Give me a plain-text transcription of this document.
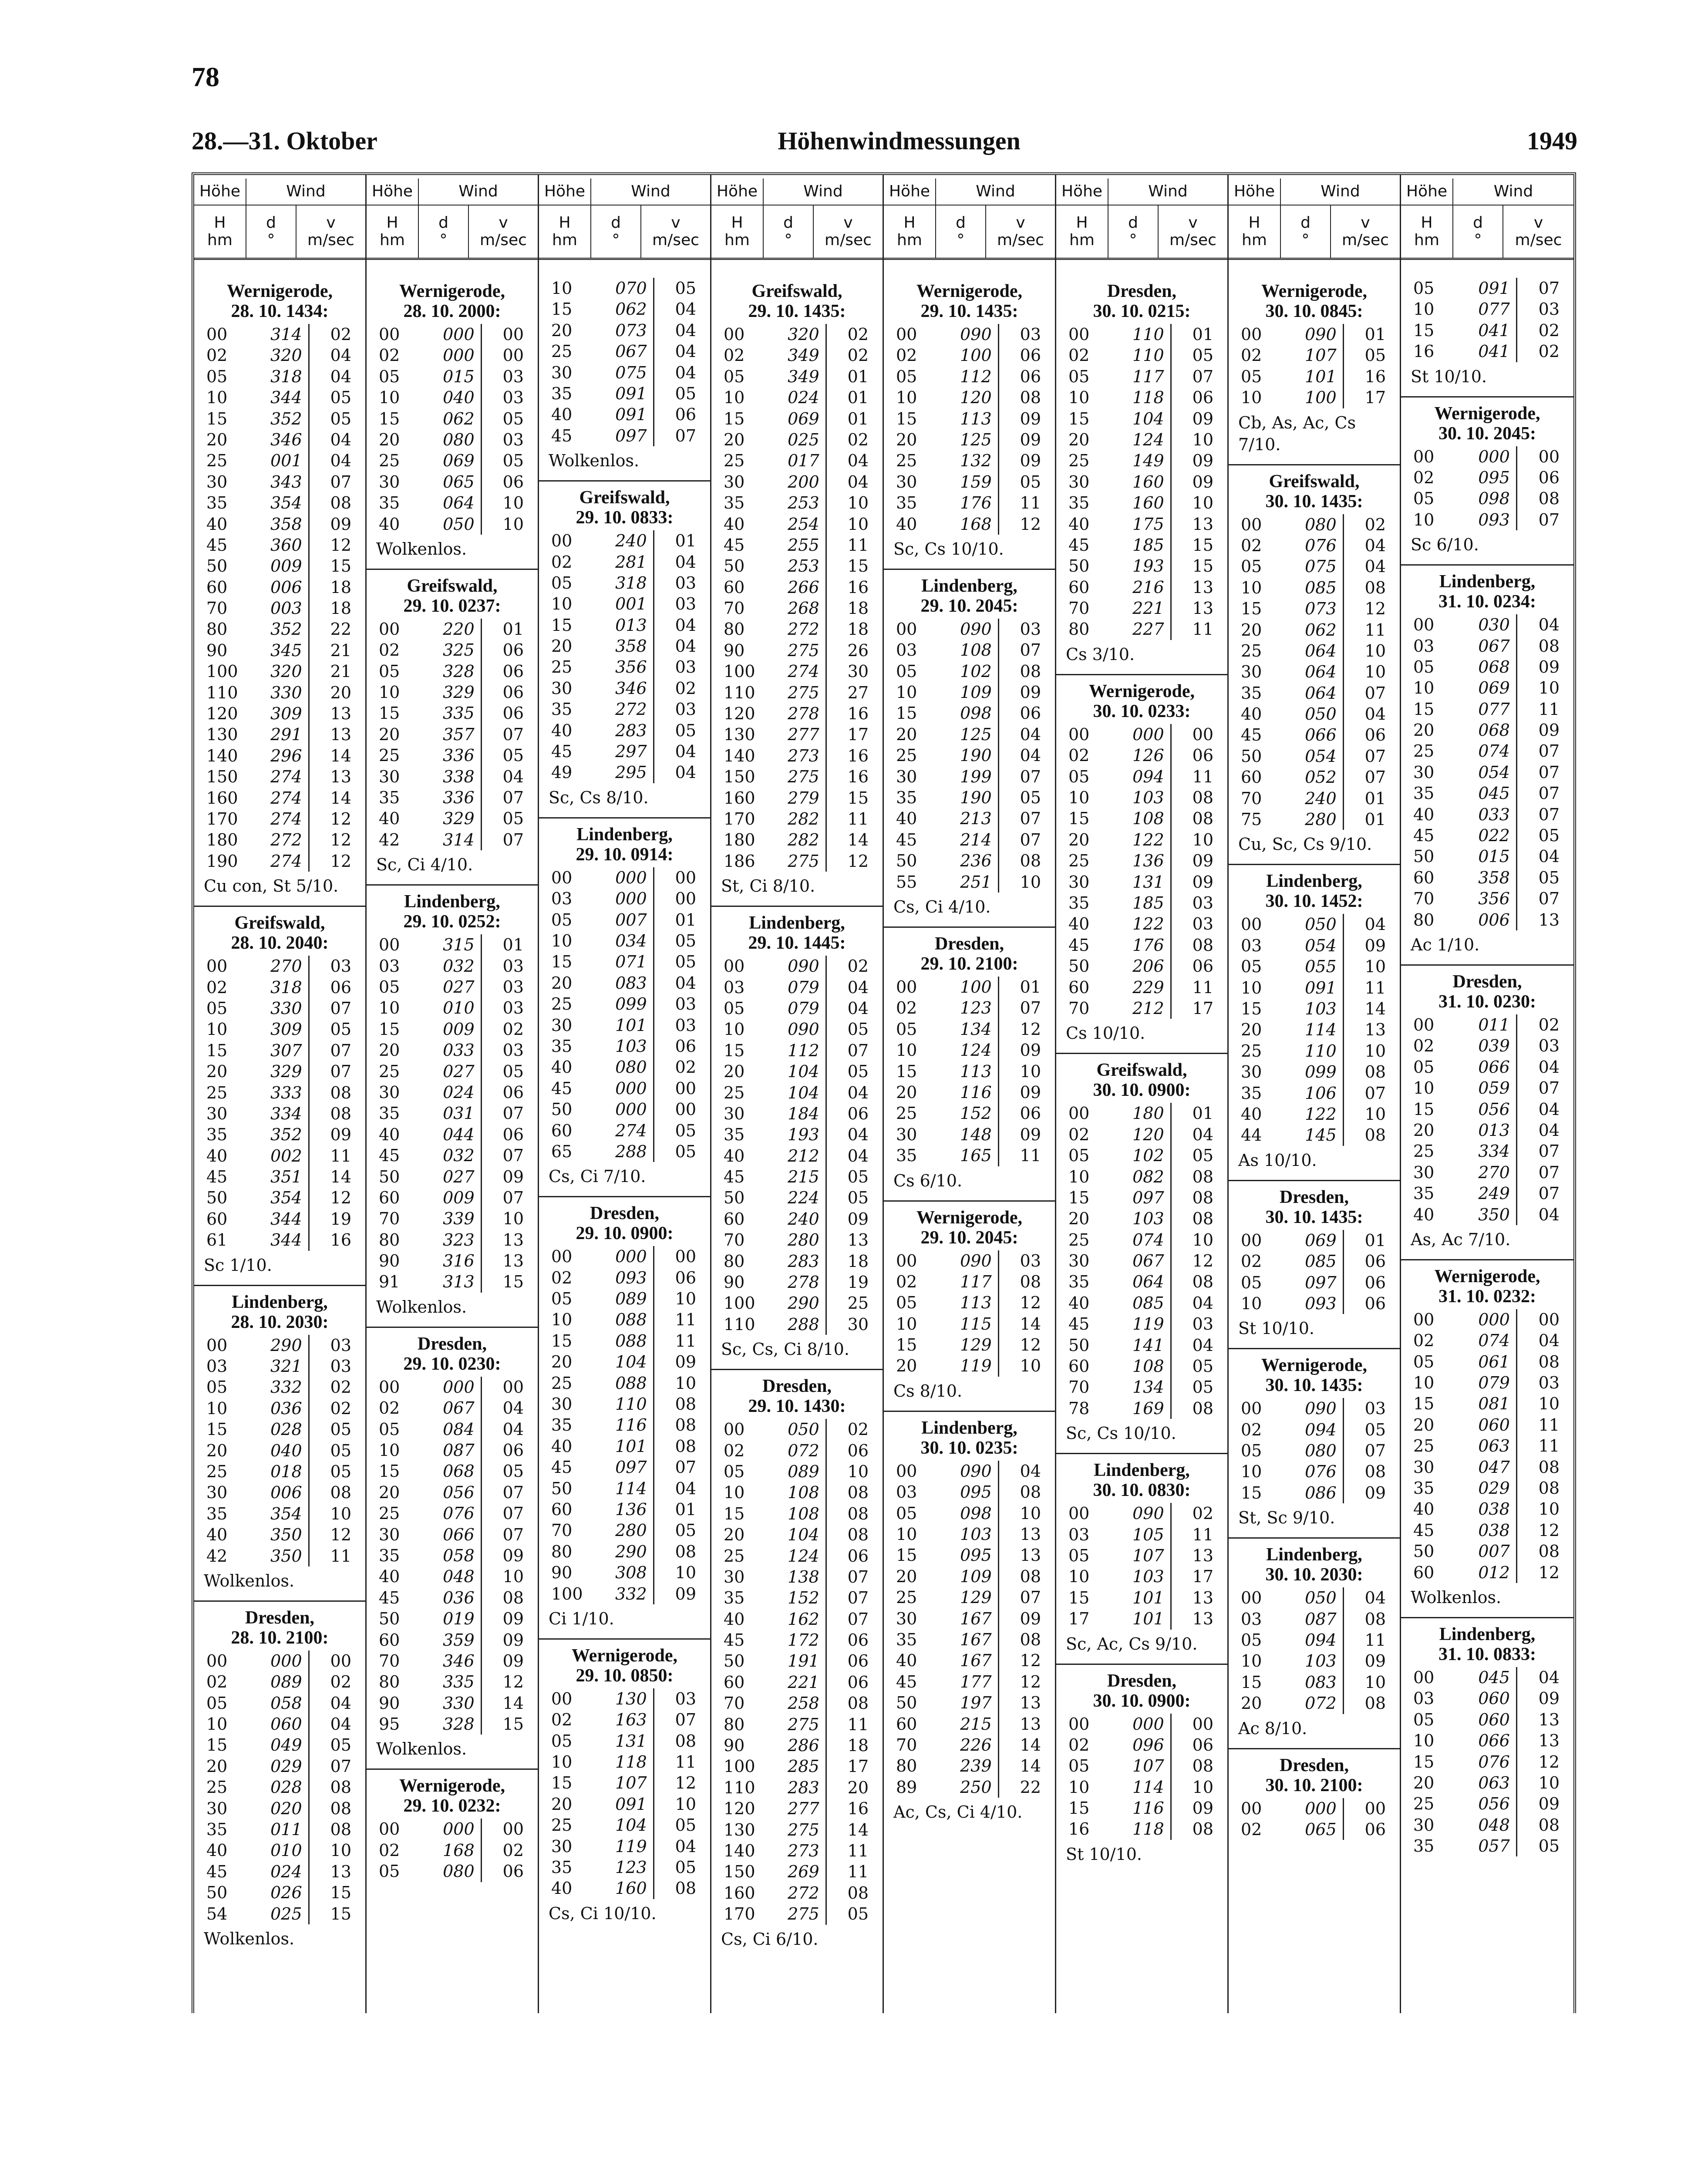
78
28.—31. Oktober	Höhenwindmessungen	1949
Höhe	Wind
H
hm
d
°
v
m/sec
Wernigerode,
28. 10. 1434:
00	314	02
02	320	04
05	318	04
10	344	05
15	352	05
20	346	04
25	001	04
30	343	07
35	354	08
40	358	09
45	360	12
50	009	15
60	006	18
70	003	18
80	352	22
90	345	21
100	320	21
110	330	20
120	309	13
130	291	13
140	296	14
150	274	13
160	274	14
170	274	12
180	272	12
190	274	12
Cu con, St 5/10.
Greifswald,
28. 10. 2040:
00	270	03
02	318	06
05	330	07
10	309	05
15	307	07
20	329	07
25	333	08
30	334	08
35	352	09
40	002	11
45	351	14
50	354	12
60	344	19
61	344	16
Sc 1/10.
Lindenberg,
28. 10. 2030:
00	290	03
03	321	03
05	332	02
10	036	02
15	028	05
20	040	05
25	018	05
30	006	08
35	354	10
40	350	12
42	350	11
Wolkenlos.
Dresden,
28. 10. 2100:
00	000	00
02	089	02
05	058	04
10	060	04
15	049	05
20	029	07
25	028	08
30	020	08
35	011	08
40	010	10
45	024	13
50	026	15
54	025	15
Wolkenlos.
Höhe	Wind
H
hm
d
°
v
m/sec
Wernigerode,
28. 10. 2000:
00	000	00
02	000	00
05	015	03
10	040	03
15	062	05
20	080	03
25	069	05
30	065	06
35	064	10
40	050	10
Wolkenlos.
Greifswald,
29. 10. 0237:
00	220	01
02	325	06
05	328	06
10	329	06
15	335	06
20	357	07
25	336	05
30	338	04
35	336	07
40	329	05
42	314	07
Sc, Ci 4/10.
Lindenberg,
29. 10. 0252:
00	315	01
03	032	03
05	027	03
10	010	03
15	009	02
20	033	03
25	027	05
30	024	06
35	031	07
40	044	06
45	032	07
50	027	09
60	009	07
70	339	10
80	323	13
90	316	13
91	313	15
Wolkenlos.
Dresden,
29. 10. 0230:
00	000	00
02	067	04
05	084	04
10	087	06
15	068	05
20	056	07
25	076	07
30	066	07
35	058	09
40	048	10
45	036	08
50	019	09
60	359	09
70	346	09
80	335	12
90	330	14
95	328	15
Wolkenlos.
Wernigerode,
29. 10. 0232:
00	000	00
02	168	02
05	080	06
Höhe	Wind
H
hm
d
°
v
m/sec
10	070	05
15	062	04
20	073	04
25	067	04
30	075	04
35	091	05
40	091	06
45	097	07
Wolkenlos.
Greifswald,
29. 10. 0833:
00	240	01
02	281	04
05	318	03
10	001	03
15	013	04
20	358	04
25	356	03
30	346	02
35	272	03
40	283	05
45	297	04
49	295	04
Sc, Cs 8/10.
Lindenberg,
29. 10. 0914:
00	000	00
03	000	00
05	007	01
10	034	05
15	071	05
20	083	04
25	099	03
30	101	03
35	103	06
40	080	02
45	000	00
50	000	00
60	274	05
65	288	05
Cs, Ci 7/10.
Dresden,
29. 10. 0900:
00	000	00
02	093	06
05	089	10
10	088	11
15	088	11
20	104	09
25	088	10
30	110	08
35	116	08
40	101	08
45	097	07
50	114	04
60	136	01
70	280	05
80	290	08
90	308	10
100	332	09
Ci 1/10.
Wernigerode,
29. 10. 0850:
00	130	03
02	163	07
05	131	08
10	118	11
15	107	12
20	091	10
25	104	05
30	119	04
35	123	05
40	160	08
Cs, Ci 10/10.
Höhe	Wind
H
hm
d
°
v
m/sec
Greifswald,
29. 10. 1435:
00	320	02
02	349	02
05	349	01
10	024	01
15	069	01
20	025	02
25	017	04
30	200	04
35	253	10
40	254	10
45	255	11
50	253	15
60	266	16
70	268	18
80	272	18
90	275	26
100	274	30
110	275	27
120	278	16
130	277	17
140	273	16
150	275	16
160	279	15
170	282	11
180	282	14
186	275	12
St, Ci 8/10.
Lindenberg,
29. 10. 1445:
00	090	02
03	079	04
05	079	04
10	090	05
15	112	07
20	104	05
25	104	04
30	184	06
35	193	04
40	212	04
45	215	05
50	224	05
60	240	09
70	280	13
80	283	18
90	278	19
100	290	25
110	288	30
Sc, Cs, Ci 8/10.
Dresden,
29. 10. 1430:
00	050	02
02	072	06
05	089	10
10	108	08
15	108	08
20	104	08
25	124	06
30	138	07
35	152	07
40	162	07
45	172	06
50	191	06
60	221	06
70	258	08
80	275	11
90	286	18
100	285	17
110	283	20
120	277	16
130	275	14
140	273	11
150	269	11
160	272	08
170	275	05
Cs, Ci 6/10.
Höhe	Wind
H
hm
d
°
v
m/sec
Wernigerode,
29. 10. 1435:
00	090	03
02	100	06
05	112	06
10	120	08
15	113	09
20	125	09
25	132	09
30	159	05
35	176	11
40	168	12
Sc, Cs 10/10.
Lindenberg,
29. 10. 2045:
00	090	03
03	108	07
05	102	08
10	109	09
15	098	06
20	125	04
25	190	04
30	199	07
35	190	05
40	213	07
45	214	07
50	236	08
55	251	10
Cs, Ci 4/10.
Dresden,
29. 10. 2100:
00	100	01
02	123	07
05	134	12
10	124	09
15	113	10
20	116	09
25	152	06
30	148	09
35	165	11
Cs 6/10.
Wernigerode,
29. 10. 2045:
00	090	03
02	117	08
05	113	12
10	115	14
15	129	12
20	119	10
Cs 8/10.
Lindenberg,
30. 10. 0235:
00	090	04
03	095	08
05	098	10
10	103	13
15	095	13
20	109	08
25	129	07
30	167	09
35	167	08
40	167	12
45	177	12
50	197	13
60	215	13
70	226	14
80	239	14
89	250	22
Ac, Cs, Ci 4/10.
Höhe	Wind
H
hm
d
°
v
m/sec
Dresden,
30. 10. 0215:
00	110	01
02	110	05
05	117	07
10	118	06
15	104	09
20	124	10
25	149	09
30	160	09
35	160	10
40	175	13
45	185	15
50	193	15
60	216	13
70	221	13
80	227	11
Cs 3/10.
Wernigerode,
30. 10. 0233:
00	000	00
02	126	06
05	094	11
10	103	08
15	108	08
20	122	10
25	136	09
30	131	09
35	185	03
40	122	03
45	176	08
50	206	06
60	229	11
70	212	17
Cs 10/10.
Greifswald,
30. 10. 0900:
00	180	01
02	120	04
05	102	05
10	082	08
15	097	08
20	103	08
25	074	10
30	067	12
35	064	08
40	085	04
45	119	03
50	141	04
60	108	05
70	134	05
78	169	08
Sc, Cs 10/10.
Lindenberg,
30. 10. 0830:
00	090	02
03	105	11
05	107	13
10	103	17
15	101	13
17	101	13
Sc, Ac, Cs 9/10.
Dresden,
30. 10. 0900:
00	000	00
02	096	06
05	107	08
10	114	10
15	116	09
16	118	08
St 10/10.
Höhe	Wind
H
hm
d
°
v
m/sec
Wernigerode,
30. 10. 0845:
00	090	01
02	107	05
05	101	16
10	100	17
Cb, As, Ac, Cs 7/10.
Greifswald,
30. 10. 1435:
00	080	02
02	076	04
05	075	04
10	085	08
15	073	12
20	062	11
25	064	10
30	064	10
35	064	07
40	050	04
45	066	06
50	054	07
60	052	07
70	240	01
75	280	01
Cu, Sc, Cs 9/10.
Lindenberg,
30. 10. 1452:
00	050	04
03	054	09
05	055	10
10	091	11
15	103	14
20	114	13
25	110	10
30	099	08
35	106	07
40	122	10
44	145	08
As 10/10.
Dresden,
30. 10. 1435:
00	069	01
02	085	06
05	097	06
10	093	06
St 10/10.
Wernigerode,
30. 10. 1435:
00	090	03
02	094	05
05	080	07
10	076	08
15	086	09
St, Sc 9/10.
Lindenberg,
30. 10. 2030:
00	050	04
03	087	08
05	094	11
10	103	09
15	083	10
20	072	08
Ac 8/10.
Dresden,
30. 10. 2100:
00	000	00
02	065	06
Höhe	Wind
H
hm
d
°
v
m/sec
05	091	07
10	077	03
15	041	02
16	041	02
St 10/10.
Wernigerode,
30. 10. 2045:
00	000	00
02	095	06
05	098	08
10	093	07
Sc 6/10.
Lindenberg,
31. 10. 0234:
00	030	04
03	067	08
05	068	09
10	069	10
15	077	11
20	068	09
25	074	07
30	054	07
35	045	07
40	033	07
45	022	05
50	015	04
60	358	05
70	356	07
80	006	13
Ac 1/10.
Dresden,
31. 10. 0230:
00	011	02
02	039	03
05	066	04
10	059	07
15	056	04
20	013	04
25	334	07
30	270	07
35	249	07
40	350	04
As, Ac 7/10.
Wernigerode,
31. 10. 0232:
00	000	00
02	074	04
05	061	08
10	079	03
15	081	10
20	060	11
25	063	11
30	047	08
35	029	08
40	038	10
45	038	12
50	007	08
60	012	12
Wolkenlos.
Lindenberg,
31. 10. 0833:
00	045	04
03	060	09
05	060	13
10	066	13
15	076	12
20	063	10
25	056	09
30	048	08
35	057	05
